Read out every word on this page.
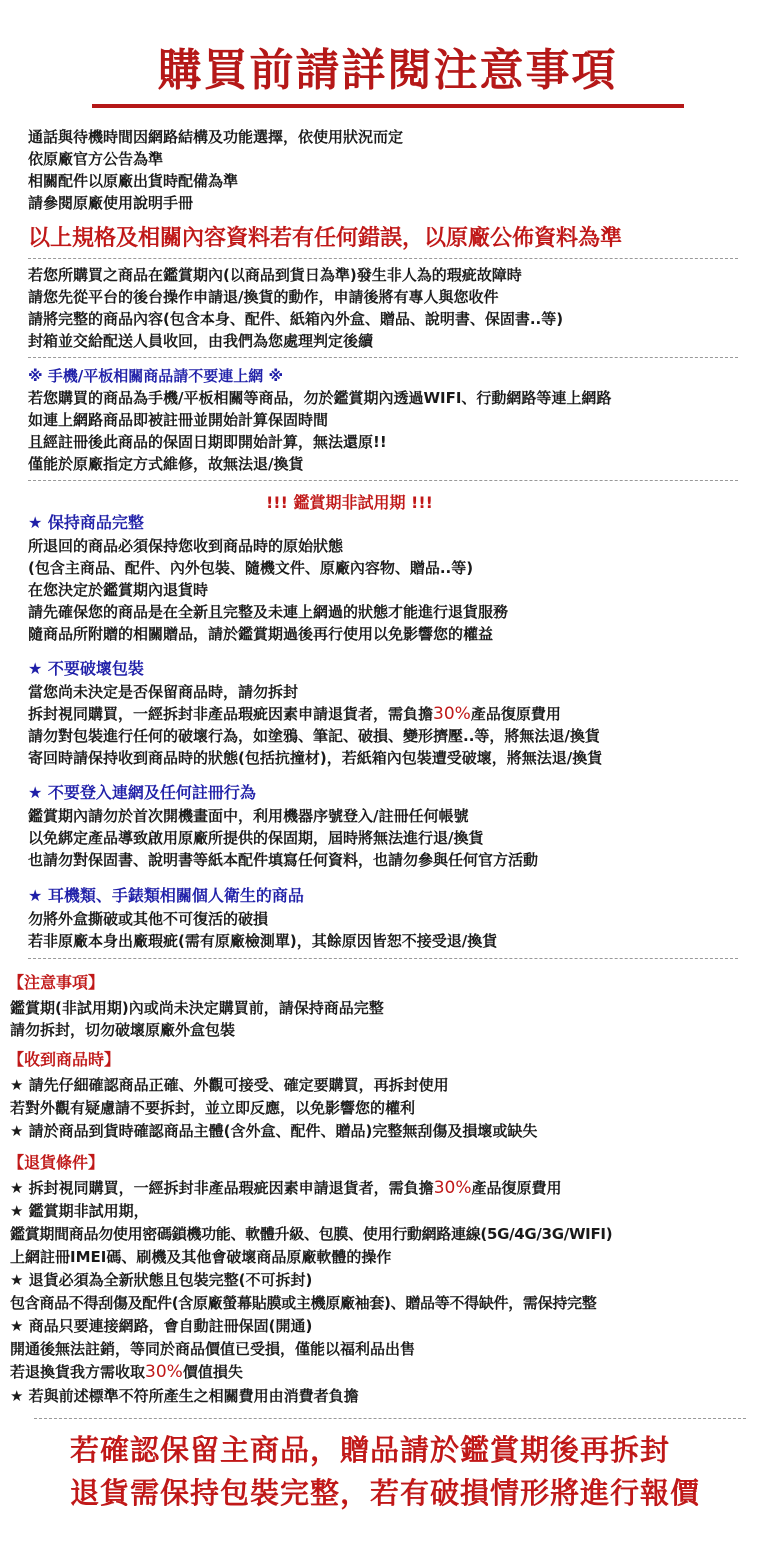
購買前請詳閱注意事項
通話與待機時間因網路結構及功能選擇，依使用狀況而定
依原廠官方公告為準
相關配件以原廠出貨時配備為準
請參閱原廠使用說明手冊
以上規格及相關內容資料若有任何錯誤，以原廠公佈資料為準
若您所購買之商品在鑑賞期內(以商品到貨日為準)發生非人為的瑕疵故障時
請您先從平台的後台操作申請退/換貨的動作，申請後將有專人與您收件
請將完整的商品內容(包含本身、配件、紙箱內外盒、贈品、說明書、保固書..等)
封箱並交給配送人員收回，由我們為您處理判定後續
※ 手機/平板相關商品請不要連上網 ※
若您購買的商品為手機/平板相關等商品，勿於鑑賞期內透過WIFI、行動網路等連上網路
如連上網路商品即被註冊並開始計算保固時間
且經註冊後此商品的保固日期即開始計算，無法還原!!
僅能於原廠指定方式維修，故無法退/換貨
!!! 鑑賞期非試用期 !!!
★ 保持商品完整
所退回的商品必須保持您收到商品時的原始狀態
(包含主商品、配件、內外包裝、隨機文件、原廠內容物、贈品..等)
在您決定於鑑賞期內退貨時
請先確保您的商品是在全新且完整及未連上網過的狀態才能進行退貨服務
隨商品所附贈的相關贈品，請於鑑賞期過後再行使用以免影響您的權益
★ 不要破壞包裝
當您尚未決定是否保留商品時，請勿拆封
拆封視同購買，一經拆封非產品瑕疵因素申請退貨者，需負擔30%產品復原費用
請勿對包裝進行任何的破壞行為，如塗鴉、筆記、破損、變形擠壓..等，將無法退/換貨
寄回時請保持收到商品時的狀態(包括抗撞材)，若紙箱內包裝遭受破壞，將無法退/換貨
★ 不要登入連網及任何註冊行為
鑑賞期內請勿於首次開機畫面中，利用機器序號登入/註冊任何帳號
以免綁定產品導致啟用原廠所提供的保固期，屆時將無法進行退/換貨
也請勿對保固書、說明書等紙本配件填寫任何資料，也請勿參與任何官方活動
★ 耳機類、手錶類相關個人衛生的商品
勿將外盒撕破或其他不可復活的破損
若非原廠本身出廠瑕疵(需有原廠檢測單)，其餘原因皆恕不接受退/換貨
【注意事項】
鑑賞期(非試用期)內或尚未決定購買前，請保持商品完整
請勿拆封，切勿破壞原廠外盒包裝
【收到商品時】
★ 請先仔細確認商品正確、外觀可接受、確定要購買，再拆封使用
若對外觀有疑慮請不要拆封，並立即反應，以免影響您的權利
★ 請於商品到貨時確認商品主體(含外盒、配件、贈品)完整無刮傷及損壞或缺失
【退貨條件】
★ 拆封視同購買，一經拆封非產品瑕疵因素申請退貨者，需負擔30%產品復原費用
★ 鑑賞期非試用期，
鑑賞期間商品勿使用密碼鎖機功能、軟體升級、包膜、使用行動網路連線(5G/4G/3G/WIFI)
上網註冊IMEI碼、刷機及其他會破壞商品原廠軟體的操作
★ 退貨必須為全新狀態且包裝完整(不可拆封)
包含商品不得刮傷及配件(含原廠螢幕貼膜或主機原廠袖套)、贈品等不得缺件，需保持完整
★ 商品只要連接網路，會自動註冊保固(開通)
開通後無法註銷，等同於商品價值已受損，僅能以福利品出售
若退換貨我方需收取30%價值損失
★ 若與前述標準不符所產生之相關費用由消費者負擔
若確認保留主商品，贈品請於鑑賞期後再拆封
退貨需保持包裝完整，若有破損情形將進行報價
